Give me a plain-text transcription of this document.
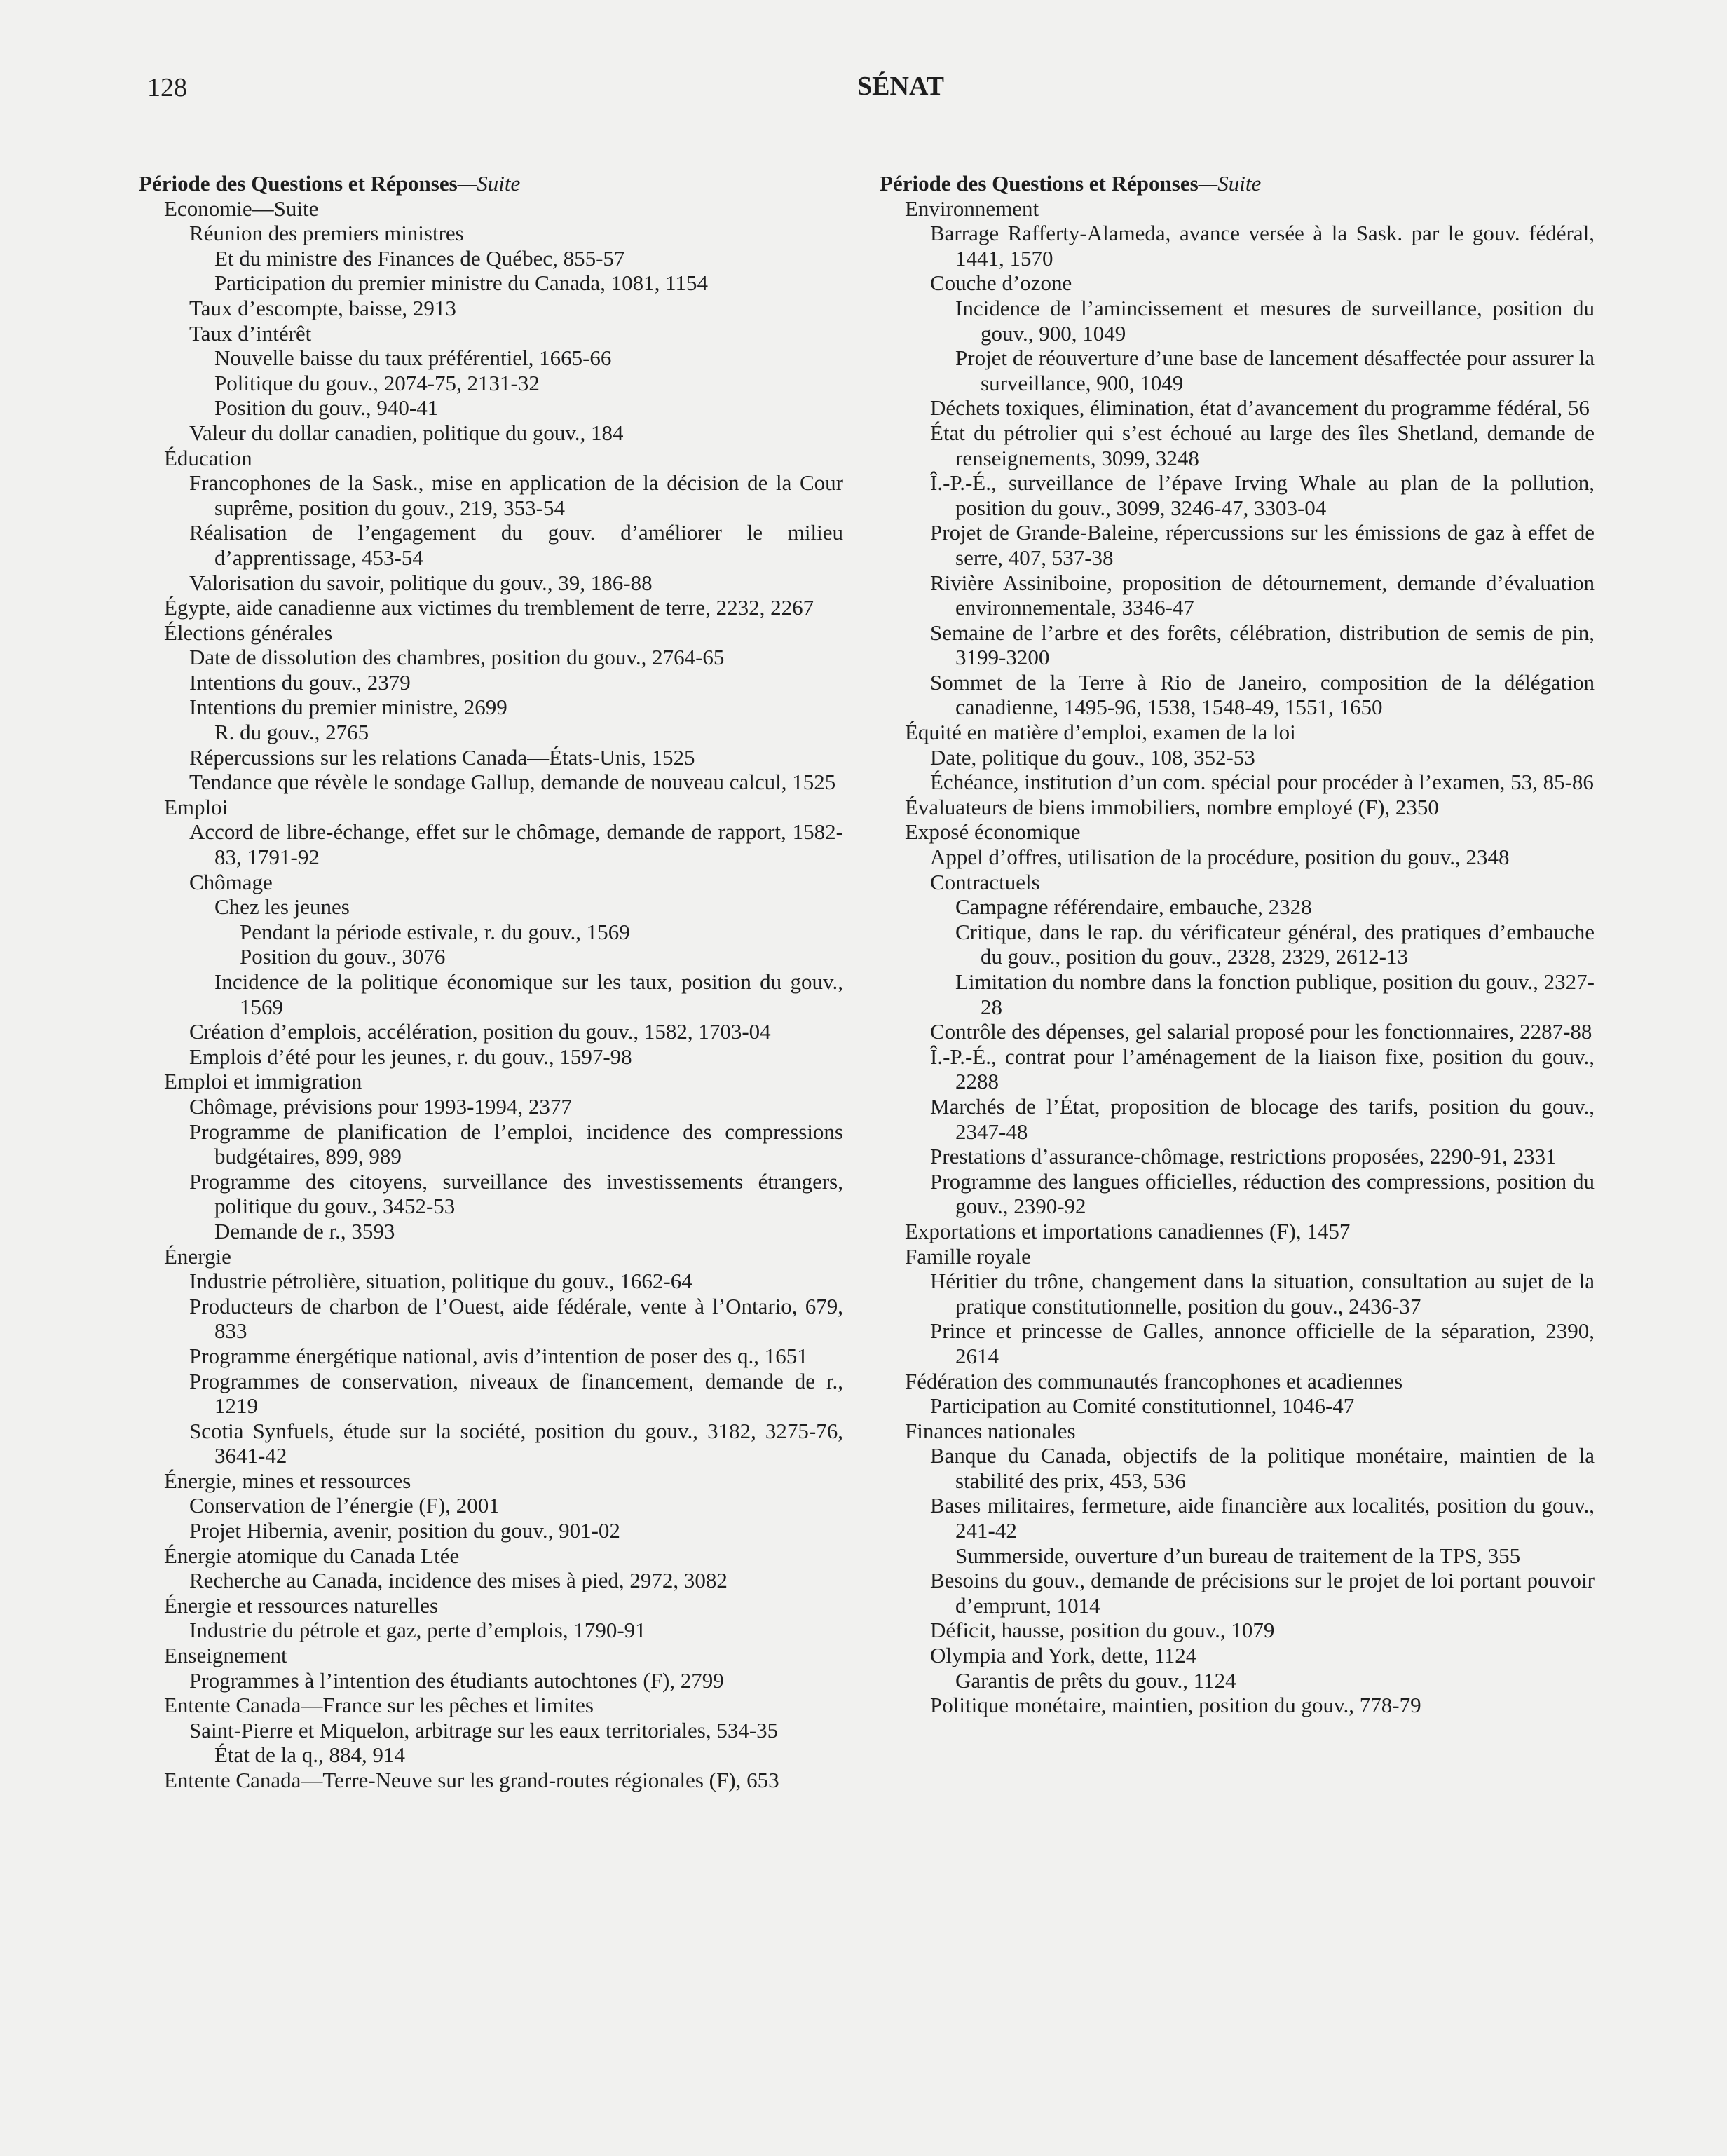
128	SÉNAT
Période des Questions et Réponses—Suite
Economie—Suite
Réunion des premiers ministres
Et du ministre des Finances de Québec, 855-57
Participation du premier ministre du Canada, 1081, 1154
Taux d’escompte, baisse, 2913
Taux d’intérêt
Nouvelle baisse du taux préférentiel, 1665-66
Politique du gouv., 2074-75, 2131-32
Position du gouv., 940-41
Valeur du dollar canadien, politique du gouv., 184
Éducation
Francophones de la Sask., mise en application de la décision de la Cour suprême, position du gouv., 219, 353-54
Réalisation de l’engagement du gouv. d’améliorer le milieu d’apprentissage, 453-54
Valorisation du savoir, politique du gouv., 39, 186-88
Égypte, aide canadienne aux victimes du tremblement de terre, 2232, 2267
Élections générales
Date de dissolution des chambres, position du gouv., 2764-65
Intentions du gouv., 2379
Intentions du premier ministre, 2699
R. du gouv., 2765
Répercussions sur les relations Canada—États-Unis, 1525
Tendance que révèle le sondage Gallup, demande de nouveau calcul, 1525
Emploi
Accord de libre-échange, effet sur le chômage, demande de rapport, 1582-83, 1791-92
Chômage
Chez les jeunes
Pendant la période estivale, r. du gouv., 1569
Position du gouv., 3076
Incidence de la politique économique sur les taux, position du gouv., 1569
Création d’emplois, accélération, position du gouv., 1582, 1703-04
Emplois d’été pour les jeunes, r. du gouv., 1597-98
Emploi et immigration
Chômage, prévisions pour 1993-1994, 2377
Programme de planification de l’emploi, incidence des compressions budgétaires, 899, 989
Programme des citoyens, surveillance des investissements étrangers, politique du gouv., 3452-53
Demande de r., 3593
Énergie
Industrie pétrolière, situation, politique du gouv., 1662-64
Producteurs de charbon de l’Ouest, aide fédérale, vente à l’Ontario, 679, 833
Programme énergétique national, avis d’intention de poser des q., 1651
Programmes de conservation, niveaux de financement, demande de r., 1219
Scotia Synfuels, étude sur la société, position du gouv., 3182, 3275-76, 3641-42
Énergie, mines et ressources
Conservation de l’énergie (F), 2001
Projet Hibernia, avenir, position du gouv., 901-02
Énergie atomique du Canada Ltée
Recherche au Canada, incidence des mises à pied, 2972, 3082
Énergie et ressources naturelles
Industrie du pétrole et gaz, perte d’emplois, 1790-91
Enseignement
Programmes à l’intention des étudiants autochtones (F), 2799
Entente Canada—France sur les pêches et limites
Saint-Pierre et Miquelon, arbitrage sur les eaux territoriales, 534-35
État de la q., 884, 914
Entente Canada—Terre-Neuve sur les grand-routes régionales (F), 653
Période des Questions et Réponses—Suite
Environnement
Barrage Rafferty-Alameda, avance versée à la Sask. par le gouv. fédéral, 1441, 1570
Couche d’ozone
Incidence de l’amincissement et mesures de surveillance, position du gouv., 900, 1049
Projet de réouverture d’une base de lancement désaffectée pour assurer la surveillance, 900, 1049
Déchets toxiques, élimination, état d’avancement du programme fédéral, 56
État du pétrolier qui s’est échoué au large des îles Shetland, demande de renseignements, 3099, 3248
Î.-P.-É., surveillance de l’épave Irving Whale au plan de la pollution, position du gouv., 3099, 3246-47, 3303-04
Projet de Grande-Baleine, répercussions sur les émissions de gaz à effet de serre, 407, 537-38
Rivière Assiniboine, proposition de détournement, demande d’évaluation environnementale, 3346-47
Semaine de l’arbre et des forêts, célébration, distribution de semis de pin, 3199-3200
Sommet de la Terre à Rio de Janeiro, composition de la délégation canadienne, 1495-96, 1538, 1548-49, 1551, 1650
Équité en matière d’emploi, examen de la loi
Date, politique du gouv., 108, 352-53
Échéance, institution d’un com. spécial pour procéder à l’examen, 53, 85-86
Évaluateurs de biens immobiliers, nombre employé (F), 2350
Exposé économique
Appel d’offres, utilisation de la procédure, position du gouv., 2348
Contractuels
Campagne référendaire, embauche, 2328
Critique, dans le rap. du vérificateur général, des pratiques d’embauche du gouv., position du gouv., 2328, 2329, 2612-13
Limitation du nombre dans la fonction publique, position du gouv., 2327-28
Contrôle des dépenses, gel salarial proposé pour les fonctionnaires, 2287-88
Î.-P.-É., contrat pour l’aménagement de la liaison fixe, position du gouv., 2288
Marchés de l’État, proposition de blocage des tarifs, position du gouv., 2347-48
Prestations d’assurance-chômage, restrictions proposées, 2290-91, 2331
Programme des langues officielles, réduction des compressions, position du gouv., 2390-92
Exportations et importations canadiennes (F), 1457
Famille royale
Héritier du trône, changement dans la situation, consultation au sujet de la pratique constitutionnelle, position du gouv., 2436-37
Prince et princesse de Galles, annonce officielle de la séparation, 2390, 2614
Fédération des communautés francophones et acadiennes
Participation au Comité constitutionnel, 1046-47
Finances nationales
Banque du Canada, objectifs de la politique monétaire, maintien de la stabilité des prix, 453, 536
Bases militaires, fermeture, aide financière aux localités, position du gouv., 241-42
Summerside, ouverture d’un bureau de traitement de la TPS, 355
Besoins du gouv., demande de précisions sur le projet de loi portant pouvoir d’emprunt, 1014
Déficit, hausse, position du gouv., 1079
Olympia and York, dette, 1124
Garantis de prêts du gouv., 1124
Politique monétaire, maintien, position du gouv., 778-79
